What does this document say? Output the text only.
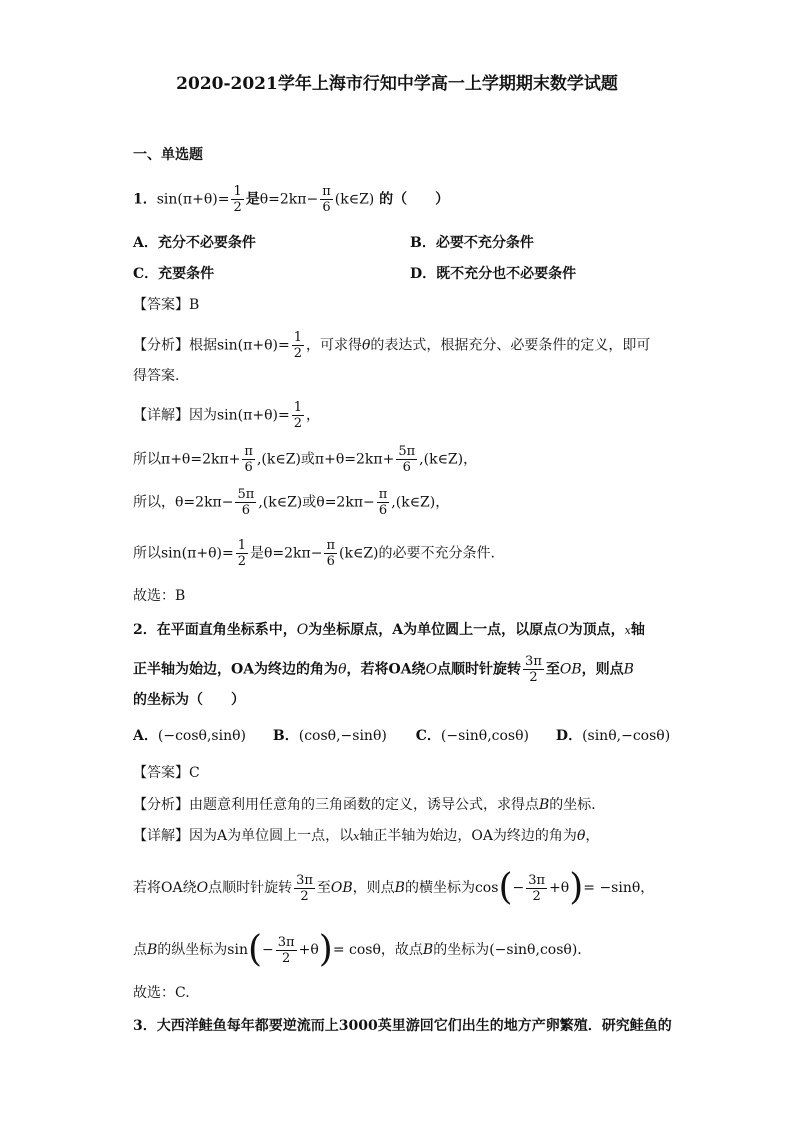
2020-2021学年上海市行知中学高一上学期期末数学试题
一、单选题
1．$\sin(\pi+\theta)= \frac{1}{2}$ 是$\theta=2k\pi- \frac{\pi}{6}$ (k∈Z) 的（　　）
A．充分不必要条件	B．必要不充分条件
C．充要条件	D．既不充分也不必要条件
【答案】B
【分析】根据$\sin(\pi+\theta)= \frac{1}{2}$ ，可求得θ的表达式，根据充分、必要条件的定义，即可
得答案.
【详解】因为$\sin(\pi+\theta)= \frac{1}{2}$ ，
所以$\pi+\theta=2k\pi+ \frac{\pi}{6}$ ,(k∈Z)或$\pi+\theta=2k\pi+ \frac{5\pi}{6}$ ,(k∈Z)，
所以，$\theta=2k\pi- \frac{5\pi}{6}$ ,(k∈Z)或$\theta=2k\pi- \frac{\pi}{6}$ ,(k∈Z)，
所以$\sin(\pi+\theta)= \frac{1}{2}$ 是$\theta=2k\pi- \frac{\pi}{6}$ (k∈Z)的必要不充分条件.
故选：B
2．在平面直角坐标系中，O为坐标原点，A为单位圆上一点，以原点O为顶点，x轴
正半轴为始边，OA为终边的角为θ，若将OA绕O点顺时针旋转 $\frac{3\pi}{2}$ 至OB，则点B
的坐标为（　　）
A．(−cosθ,sinθ) B．(cosθ,−sinθ) C．(−sinθ,cosθ) D．(sinθ,−cosθ)
【答案】C
【分析】由题意利用任意角的三角函数的定义，诱导公式，求得点B的坐标．
【详解】因为A为单位圆上一点，以x轴正半轴为始边，OA为终边的角为θ，
若将OA绕O点顺时针旋转 $\frac{3\pi}{2}$ 至OB，则点B的横坐标为$\cos(- \frac{3\pi}{2} +\theta)= -\sin\theta$，
点B的纵坐标为$\sin(- \frac{3\pi}{2} +\theta)= \cos\theta$，故点B的坐标为(−sinθ,cosθ).
故选：C.
3．大西洋鲑鱼每年都要逆流而上3000英里游回它们出生的地方产卵繁殖．研究鲑鱼的
